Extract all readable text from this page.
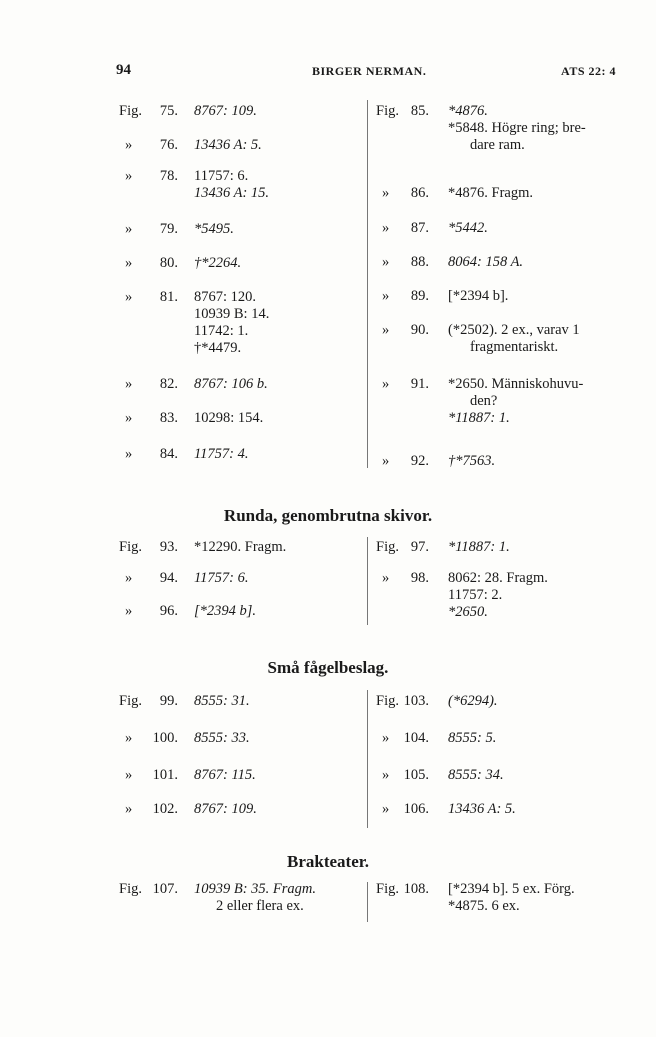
94	BIRGER NERMAN.	ATS 22: 4
Fig.	75. 8767: 109.
»	76. 13436 A: 5.
»	78. 11757: 6.
13436 A: 15.
»	79. *5495.
»	80. †*2264.
»	81. 8767: 120.
10939 B: 14.
11742: 1.
†*4479.
»	82. 8767: 106 b.
»	83. 10298: 154.
»	84. 11757: 4.
Fig. 85. *4876.
*5848. Högre ring; bre-
dare ram.
»	86. *4876. Fragm.
»	87. *5442.
»	88. 8064: 158 A.
»	89. [*2394 b].
»	90. (*2502). 2 ex., varav 1
fragmentariskt.
»	91. *2650. Människohuvu-
den?
*11887: 1.
»	92. †*7563.
Runda, genombrutna skivor.
Fig.	93. *12290. Fragm.
»	94. 11757: 6.
»	96. [*2394 b].
Fig. 97. *11887: 1.
»	98. 8062: 28. Fragm.
11757: 2.
*2650.
Små fågelbeslag.
Fig.	99. 8555: 31.
»	100. 8555: 33.
»	101. 8767: 115.
»	102. 8767: 109.
Fig. 103. (*6294).
» 104. 8555: 5.
» 105. 8555: 34.
» 106. 13436 A: 5.
Brakteater.
Fig. 107. 10939 B: 35. Fragm.
2 eller flera ex.
Fig. 108. [*2394 b]. 5 ex. Förg.
*4875. 6 ex.
